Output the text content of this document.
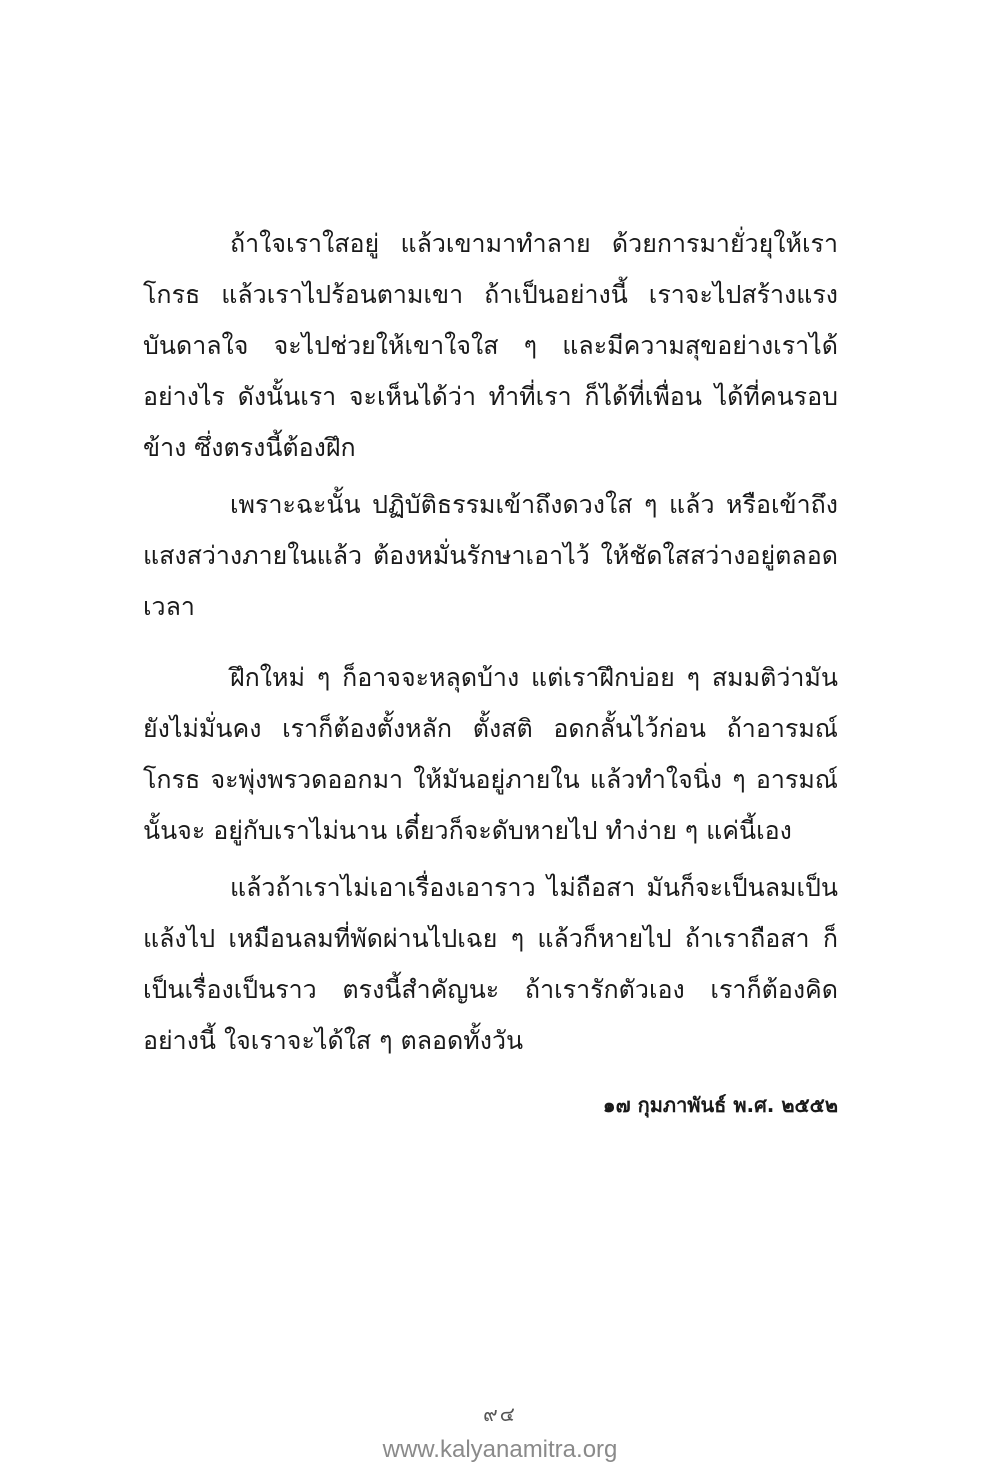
ถ้าใจเราใสอยู่ แล้วเขามาทำลาย ด้วยการมายั่วยุให้เราโกรธ แล้วเราไปร้อนตามเขา ถ้าเป็นอย่างนี้ เราจะไปสร้างแรงบันดาลใจ จะไปช่วยให้เขาใจใส ๆ และมีความสุขอย่างเราได้อย่างไร ดังนั้นเรา จะเห็นได้ว่า ทำที่เรา ก็ได้ที่เพื่อน ได้ที่คนรอบข้าง ซึ่งตรงนี้ต้องฝึก

เพราะฉะนั้น ปฏิบัติธรรมเข้าถึงดวงใส ๆ แล้ว หรือเข้าถึง แสงสว่างภายในแล้ว ต้องหมั่นรักษาเอาไว้ ให้ชัดใสสว่างอยู่ตลอด เวลา

ฝึกใหม่ ๆ ก็อาจจะหลุดบ้าง แต่เราฝึกบ่อย ๆ สมมติว่ามัน ยังไม่มั่นคง เราก็ต้องตั้งหลัก ตั้งสติ อดกลั้นไว้ก่อน ถ้าอารมณ์โกรธ จะพุ่งพรวดออกมา ให้มันอยู่ภายใน แล้วทำใจนิ่ง ๆ อารมณ์นั้นจะ อยู่กับเราไม่นาน เดี๋ยวก็จะดับหายไป ทำง่าย ๆ แค่นี้เอง

แล้วถ้าเราไม่เอาเรื่องเอาราว ไม่ถือสา มันก็จะเป็นลมเป็น แล้งไป เหมือนลมที่พัดผ่านไปเฉย ๆ แล้วก็หายไป ถ้าเราถือสา ก็เป็นเรื่องเป็นราว ตรงนี้สำคัญนะ ถ้าเรารักตัวเอง เราก็ต้องคิด อย่างนี้ ใจเราจะได้ใส ๆ ตลอดทั้งวัน

๑๗ กุมภาพันธ์ พ.ศ. ๒๕๕๒

๙๔
www.kalyanamitra.org
